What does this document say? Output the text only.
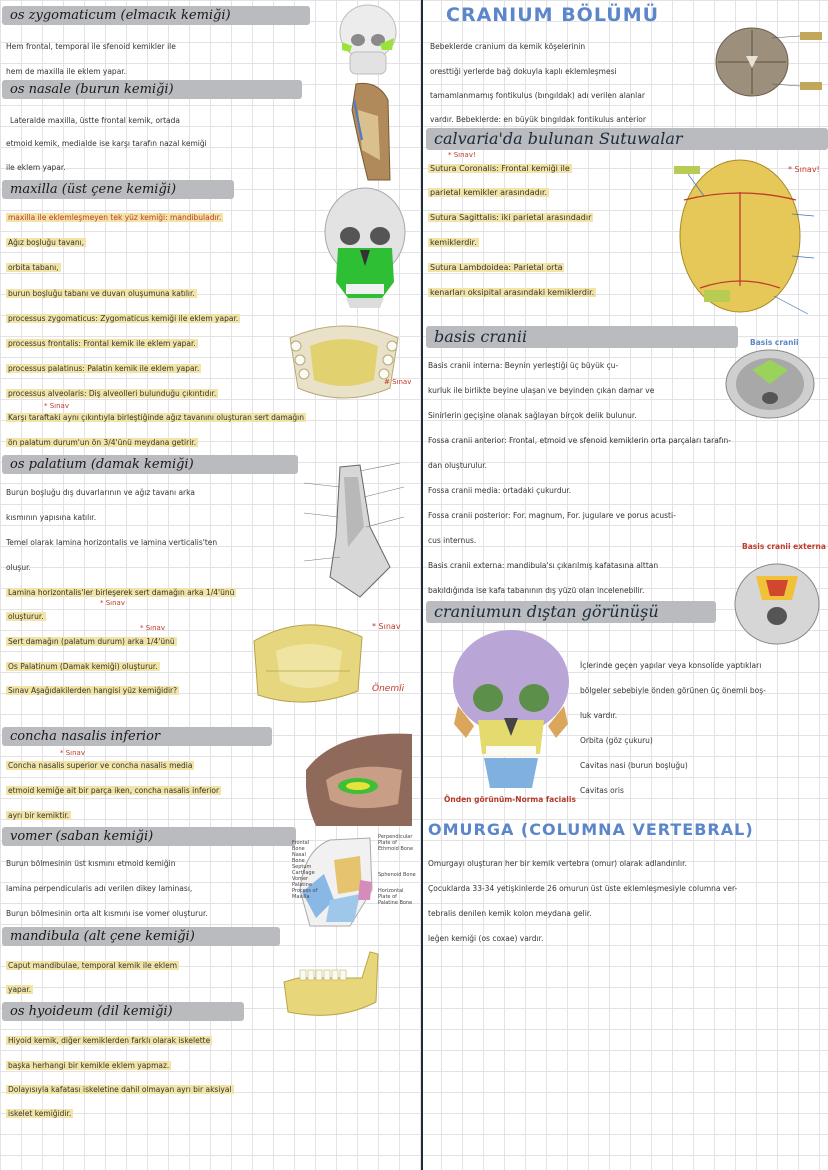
os zygomaticum (elmacık kemiği)
Hem frontal, temporal ile sfenoid kemikler ile
hem de maxilla ile eklem yapar.
os nasale (burun kemiği)
Lateralde maxilla, üstte frontal kemik, ortada
etmoid kemik, medialde ise karşı tarafın nazal kemiği
ile eklem yapar.
maxilla (üst çene kemiği)
maxilla ile eklemleşmeyen tek yüz kemiği: mandibuladır.
Ağız boşluğu tavanı,
orbita tabanı,
burun boşluğu tabanı ve duvarı oluşumuna katılır.
processus zygomaticus: Zygomaticus kemiği ile eklem yapar.
processus frontalis: Frontal kemik ile eklem yapar.
processus palatinus: Palatin kemik ile eklem yapar.
processus alveolaris: Diş alveolleri bulunduğu çıkıntıdır.
* Sınav
Karşı taraftaki aynı çıkıntıyla birleştiğinde ağız tavanını oluşturan sert damağın
ön palatum durum'un ön 3/4'ünü meydana getirir.
os palatium (damak kemiği)
Burun boşluğu dış duvarlarının ve ağız tavanı arka
kısmının yapısına katılır.
Temel olarak lamina horizontalis ve lamina verticalis'ten
oluşur.
Lamina horizontalis'ler birleşerek sert damağın arka 1/4'ünü
* Sınav
oluşturur.
* Sınav
Sert damağın (palatum durum) arka 1/4'ünü
Os Palatinum (Damak kemiği) oluşturur.
Sınav Aşağıdakilerden hangisi yüz kemiğidir?
* Sınav
Önemli
concha nasalis inferior
* Sınav
Concha nasalis superior ve concha nasalis media
etmoid kemiğe ait bir parça iken, concha nasalis inferior
ayrı bir kemiktir.
vomer (saban kemiği)
Burun bölmesinin üst kısmını etmoid kemiğin
lamina perpendicularis adı verilen dikey laminası,
Burun bölmesinin orta alt kısmını ise vomer oluşturur.
mandibula (alt çene kemiği)
Caput mandibulae, temporal kemik ile eklem
yapar.
os hyoideum (dil kemiği)
Hiyoid kemik, diğer kemiklerden farklı olarak iskelette
başka herhangi bir kemikle eklem yapmaz.
Dolayısıyla kafatası iskeletine dahil olmayan ayrı bir aksiyal
iskelet kemiğidir.
# Sınav
Frontal Bone
Nasal Bone
Septum Cartilage
Vomer
Palatine Process of Maxilla
Perpendicular Plate of Ethmoid Bone
Sphenoid Bone
Horizontal Plate of Palatine Bone
CRANIUM BÖLÜMÜ
Bebeklerde cranium da kemik köşelerinin
oresttiği yerlerde bağ dokuyla kaplı eklemleşmesi
tamamlanmamış fontikulus (bıngıldak) adı verilen alanlar
vardır. Bebeklerde: en büyük bıngıldak fontikulus anterior
calvaria'da bulunan Sutuwalar
* Sınav!
Sutura Coronalis: Frontal kemiği ile
parietal kemikler arasındadır.
Sutura Sagittalis: iki parietal arasındadır
kemiklerdir.
Sutura Lambdoidea: Parietal orta
kenarları oksipital arasındaki kemiklerdir.
* Sınav!
basis cranii
Basis cranii interna: Beynin yerleştiği üç büyük çu-
kurluk ile birlikte beyine ulaşan ve beyinden çıkan damar ve
Sinirlerin geçişine olanak sağlayan birçok delik bulunur.
Fossa cranii anterior: Frontal, etmoid ve sfenoid kemiklerin orta parçaları tarafın-
dan oluşturulur.
Fossa cranii media: ortadaki çukurdur.
Fossa cranii posterior: For. magnum, For. jugulare ve porus acusti-
cus internus.
Basis cranii externa: mandibula'sı çıkarılmış kafatasına alttan
bakıldığında ise kafa tabanının dış yüzü olan incelenebilir.
craniumun dıştan görünüşü
İçlerinde geçen yapılar veya konsolide yaptıkları
bölgeler sebebiyle önden görünen üç önemli boş-
luk vardır.
Orbita (göz çukuru)
Cavitas nasi (burun boşluğu)
Cavitas oris
OMURGA (COLUMNA VERTEBRAL)
Omurgayı oluşturan her bir kemik vertebra (omur) olarak adlandırılır.
Çocuklarda 33-34 yetişkinlerde 26 omurun üst üste eklemleşmesiyle columna ver-
tebralis denilen kemik kolon meydana gelir.
leğen kemiği (os coxae) vardır.
Basis cranii
Basis cranii externa
Önden görünüm-Norma facialis
